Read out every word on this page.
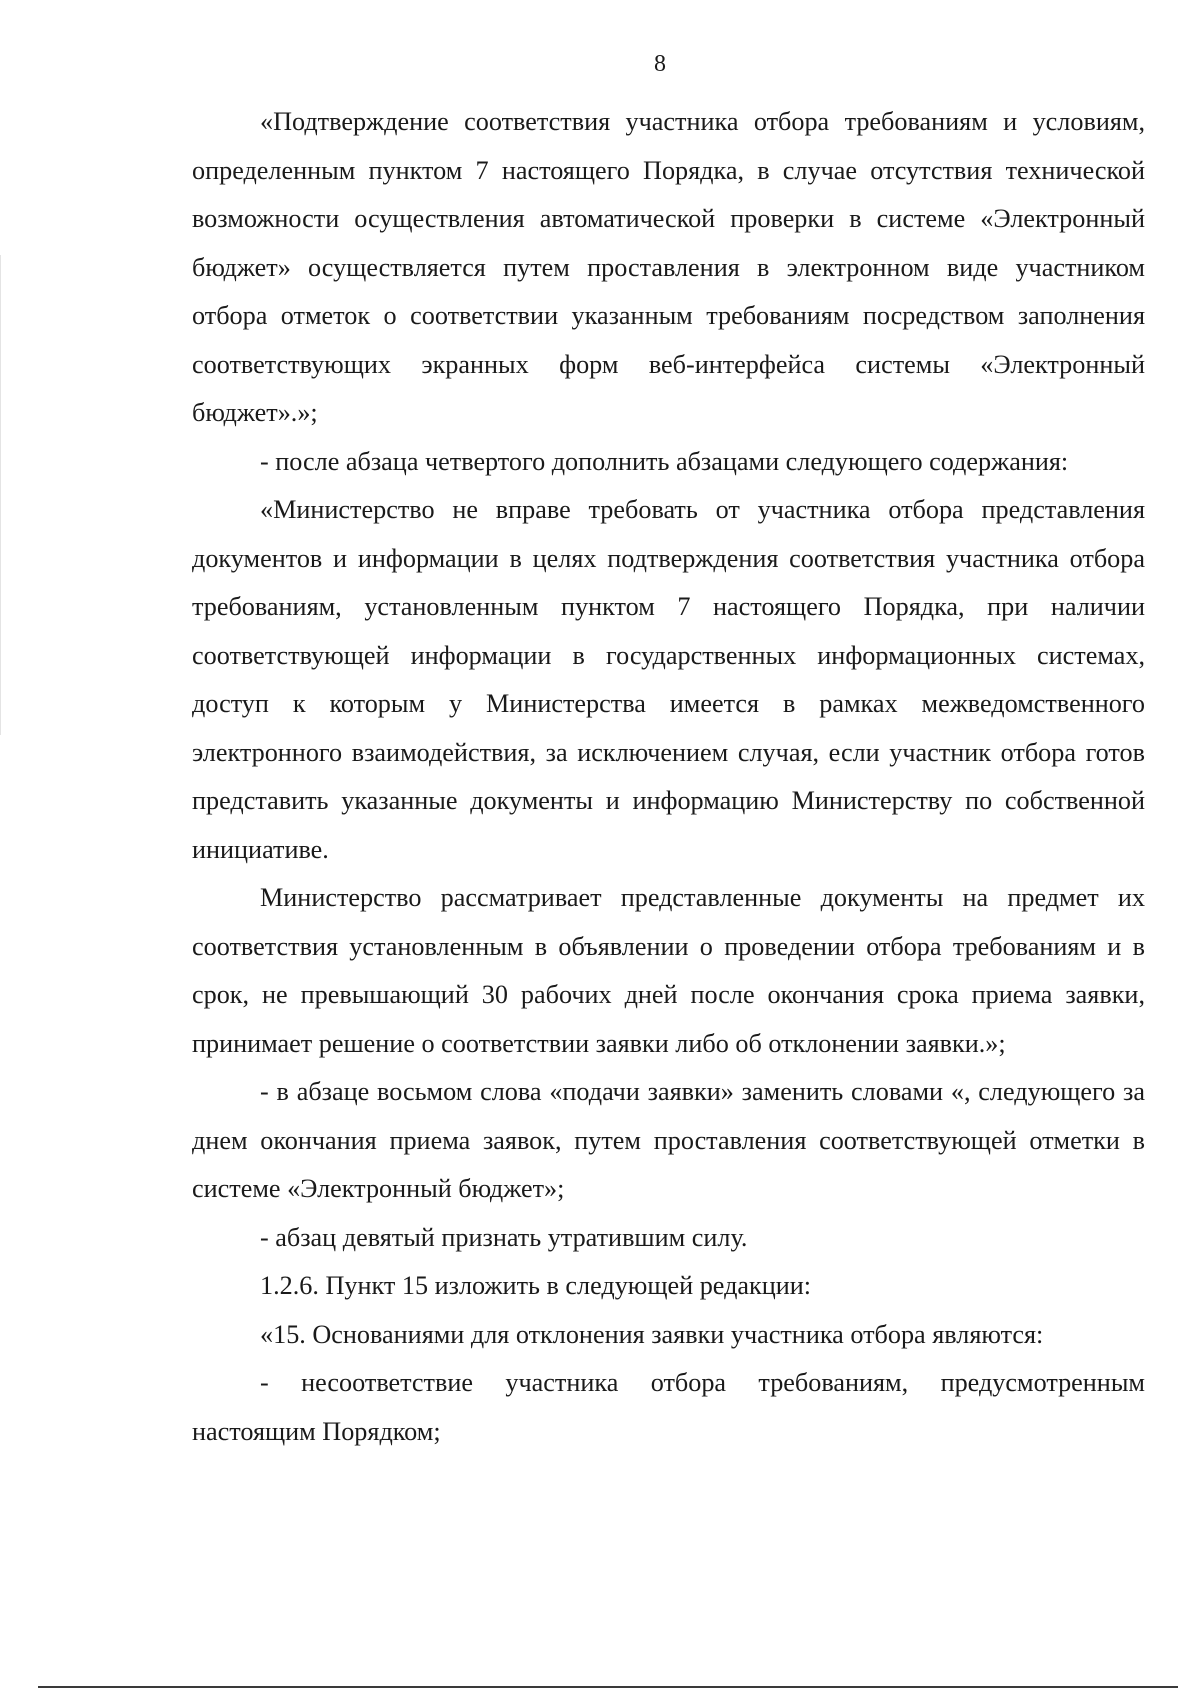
8

«Подтверждение соответствия участника отбора требованиям и условиям, определенным пунктом 7 настоящего Порядка, в случае отсутствия технической возможности осуществления автоматической проверки в системе «Электронный бюджет» осуществляется путем проставления в электронном виде участником отбора отметок о соответствии указанным требованиям посредством заполнения соответствующих экранных форм веб-интерфейса системы «Электронный бюджет».»;

- после абзаца четвертого дополнить абзацами следующего содержания:

«Министерство не вправе требовать от участника отбора представления документов и информации в целях подтверждения соответствия участника отбора требованиям, установленным пунктом 7 настоящего Порядка, при наличии соответствующей информации в государственных информационных системах, доступ к которым у Министерства имеется в рамках межведомственного электронного взаимодействия, за исключением случая, если участник отбора готов представить указанные документы и информацию Министерству по собственной инициативе.

Министерство рассматривает представленные документы на предмет их соответствия установленным в объявлении о проведении отбора требованиям и в срок, не превышающий 30 рабочих дней после окончания срока приема заявки, принимает решение о соответствии заявки либо об отклонении заявки.»;

- в абзаце восьмом слова «подачи заявки» заменить словами «, следующего за днем окончания приема заявок, путем проставления соответствующей отметки в системе «Электронный бюджет»;

- абзац девятый признать утратившим силу.

1.2.6. Пункт 15 изложить в следующей редакции:

«15. Основаниями для отклонения заявки участника отбора являются:

- несоответствие участника отбора требованиям, предусмотренным настоящим Порядком;
